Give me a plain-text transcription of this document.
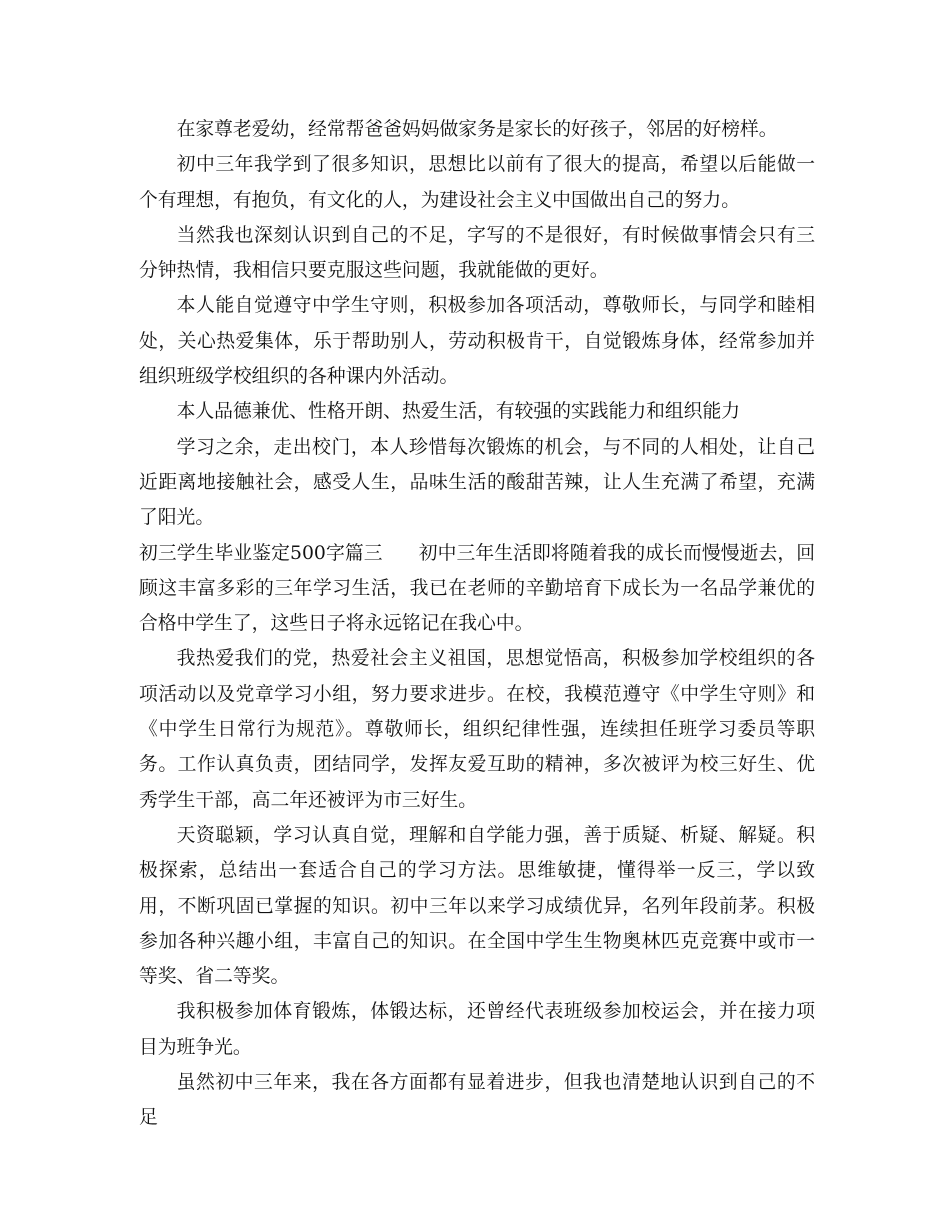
在家尊老爱幼，经常帮爸爸妈妈做家务是家长的好孩子，邻居的好榜样。

初中三年我学到了很多知识，思想比以前有了很大的提高，希望以后能做一个有理想，有抱负，有文化的人，为建设社会主义中国做出自己的努力。

当然我也深刻认识到自己的不足，字写的不是很好，有时候做事情会只有三分钟热情，我相信只要克服这些问题，我就能做的更好。

本人能自觉遵守中学生守则，积极参加各项活动，尊敬师长，与同学和睦相处，关心热爱集体，乐于帮助别人，劳动积极肯干，自觉锻炼身体，经常参加并组织班级学校组织的各种课内外活动。

本人品德兼优、性格开朗、热爱生活，有较强的实践能力和组织能力

学习之余，走出校门，本人珍惜每次锻炼的机会，与不同的人相处，让自己近距离地接触社会，感受人生，品味生活的酸甜苦辣，让人生充满了希望，充满了阳光。

初三学生毕业鉴定500字篇三 初中三年生活即将随着我的成长而慢慢逝去，回顾这丰富多彩的三年学习生活，我已在老师的辛勤培育下成长为一名品学兼优的合格中学生了，这些日子将永远铭记在我心中。

我热爱我们的党，热爱社会主义祖国，思想觉悟高，积极参加学校组织的各项活动以及党章学习小组，努力要求进步。在校，我模范遵守《中学生守则》和《中学生日常行为规范》。尊敬师长，组织纪律性强，连续担任班学习委员等职务。工作认真负责，团结同学，发挥友爱互助的精神，多次被评为校三好生、优秀学生干部，高二年还被评为市三好生。

天资聪颖，学习认真自觉，理解和自学能力强，善于质疑、析疑、解疑。积极探索，总结出一套适合自己的学习方法。思维敏捷，懂得举一反三，学以致用，不断巩固已掌握的知识。初中三年以来学习成绩优异，名列年段前茅。积极参加各种兴趣小组，丰富自己的知识。在全国中学生生物奥林匹克竞赛中或市一等奖、省二等奖。

我积极参加体育锻炼，体锻达标，还曾经代表班级参加校运会，并在接力项目为班争光。

虽然初中三年来，我在各方面都有显着进步，但我也清楚地认识到自己的不足
